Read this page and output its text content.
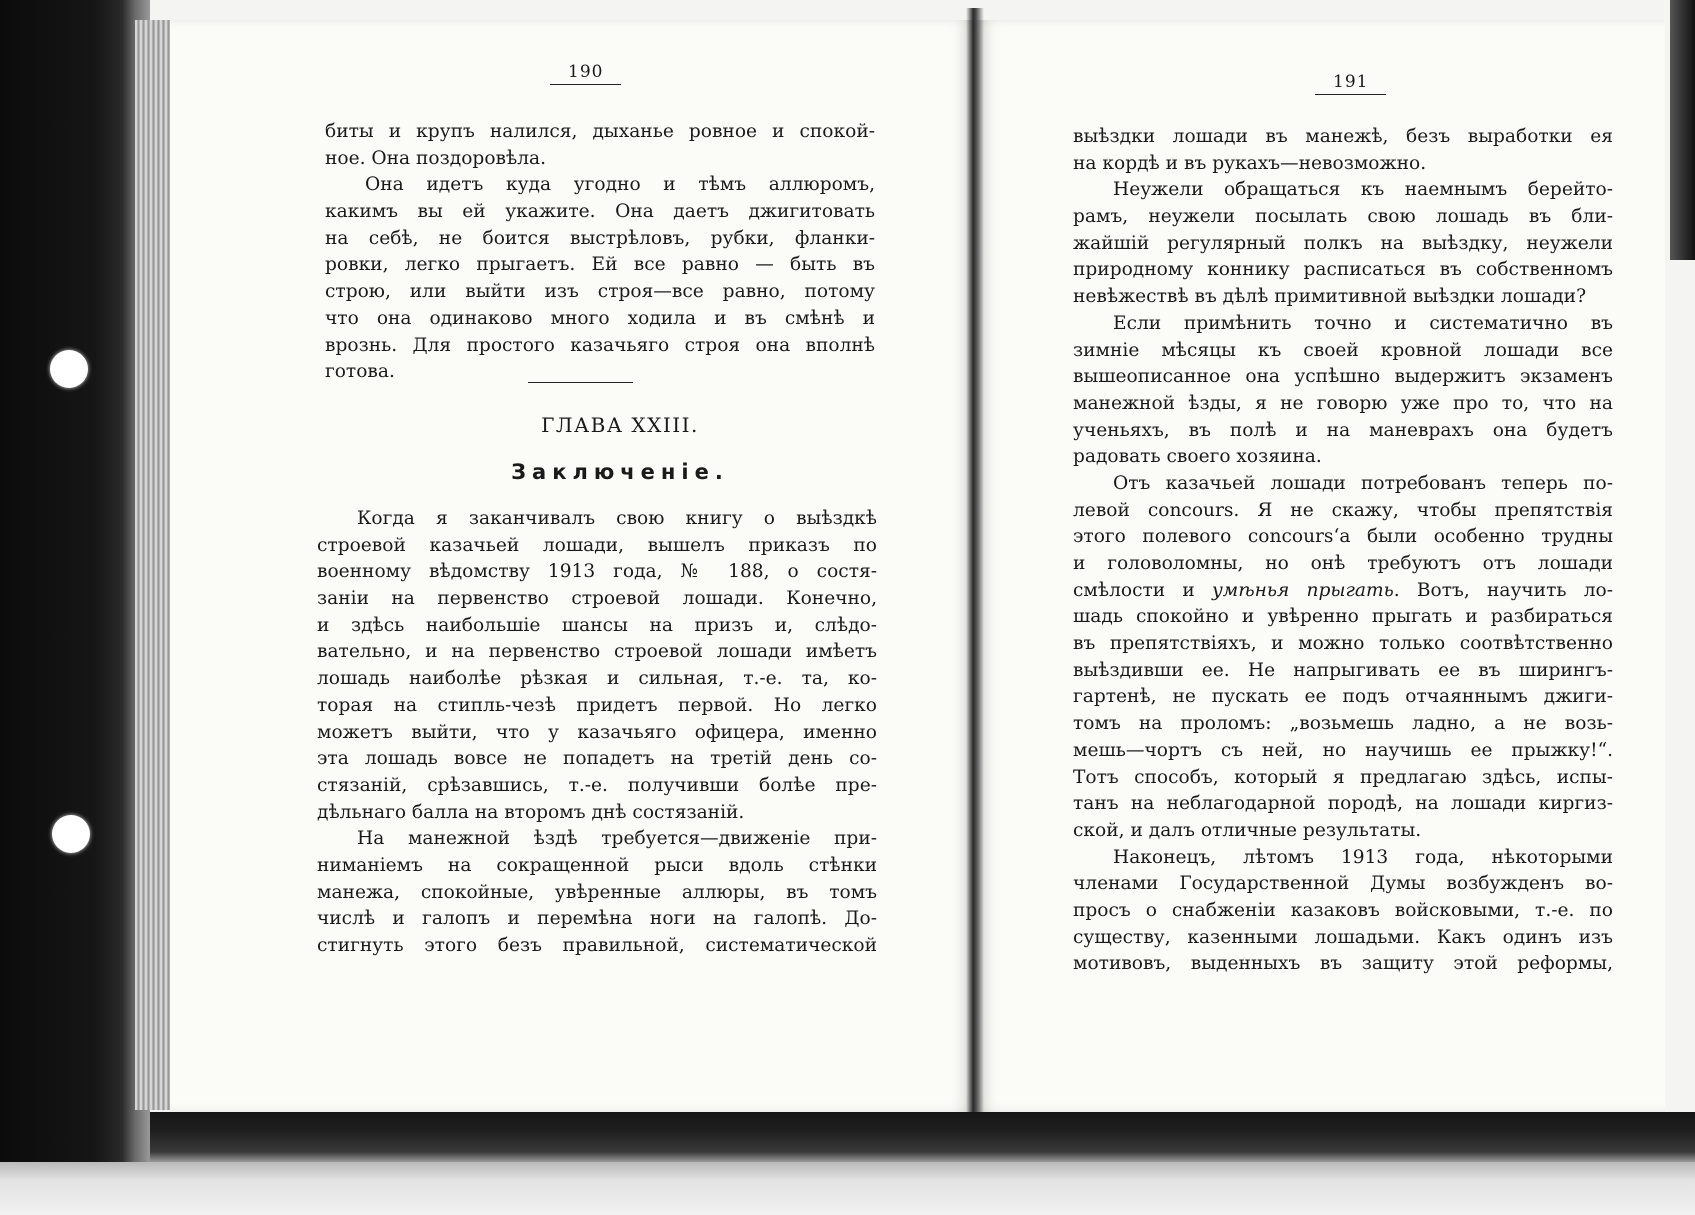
190
биты и крупъ налился, дыханье ровное и спокой-
ное. Она поздоровѣла.
Она идетъ куда угодно и тѣмъ аллюромъ,
какимъ вы ей укажите. Она даетъ джигитовать
на себѣ, не боится выстрѣловъ, рубки, фланки-
ровки, легко прыгаетъ. Ей все равно — быть въ
строю, или выйти изъ строя—все равно, потому
что она одинаково много ходила и въ смѣнѣ и
врознь. Для простого казачьяго строя она вполнѣ
готова.
ГЛАВА XXIII.
Заключеніе.
Когда я заканчивалъ свою книгу о выѣздкѣ
строевой казачьей лошади, вышелъ приказъ по
военному вѣдомству 1913 года, № 188, о состя-
заніи на первенство строевой лошади. Конечно,
и здѣсь наибольшіе шансы на призъ и, слѣдо-
вательно, и на первенство строевой лошади имѣетъ
лошадь наиболѣе рѣзкая и сильная, т.-е. та, ко-
торая на стипль-чезѣ придетъ первой. Но легко
можетъ выйти, что у казачьяго офицера, именно
эта лошадь вовсе не попадетъ на третій день со-
стязаній, срѣзавшись, т.-е. получивши болѣе пре-
дѣльнаго балла на второмъ днѣ состязаній.
На манежной ѣздѣ требуется—движеніе при-
ниманіемъ на сокращенной рыси вдоль стѣнки
манежа, спокойные, увѣренные аллюры, въ томъ
числѣ и галопъ и перемѣна ноги на галопѣ. До-
стигнуть этого безъ правильной, систематической
191
выѣздки лошади въ манежѣ, безъ выработки ея
на кордѣ и въ рукахъ—невозможно.
Неужели обращаться къ наемнымъ берейто-
рамъ, неужели посылать свою лошадь въ бли-
жайшій регулярный полкъ на выѣздку, неужели
природному коннику расписаться въ собственномъ
невѣжествѣ въ дѣлѣ примитивной выѣздки лошади?
Если примѣнить точно и систематично въ
зимніе мѣсяцы къ своей кровной лошади все
вышеописанное она успѣшно выдержитъ экзаменъ
манежной ѣзды, я не говорю уже про то, что на
ученьяхъ, въ полѣ и на маневрахъ она будетъ
радовать своего хозяина.
Отъ казачьей лошади потребованъ теперь по-
левой concours. Я не скажу, чтобы препятствія
этого полевого concours‘а были особенно трудны
и головоломны, но онѣ требуютъ отъ лошади
смѣлости и умѣнья прыгать. Вотъ, научить ло-
шадь спокойно и увѣренно прыгать и разбираться
въ препятствіяхъ, и можно только соотвѣтственно
выѣздивши ее. Не напрыгивать ее въ ширингъ-
гартенѣ, не пускать ее подъ отчаяннымъ джиги-
томъ на проломъ: „возьмешь ладно, а не возь-
мешь—чортъ съ ней, но научишь ее прыжку!“.
Тотъ способъ, который я предлагаю здѣсь, испы-
танъ на неблагодарной породѣ, на лошади киргиз-
ской, и далъ отличные результаты.
Наконецъ, лѣтомъ 1913 года, нѣкоторыми
членами Государственной Думы возбужденъ во-
просъ о снабженіи казаковъ войсковыми, т.-е. по
существу, казенными лошадьми. Какъ одинъ изъ
мотивовъ, выденныхъ въ защиту этой реформы,
